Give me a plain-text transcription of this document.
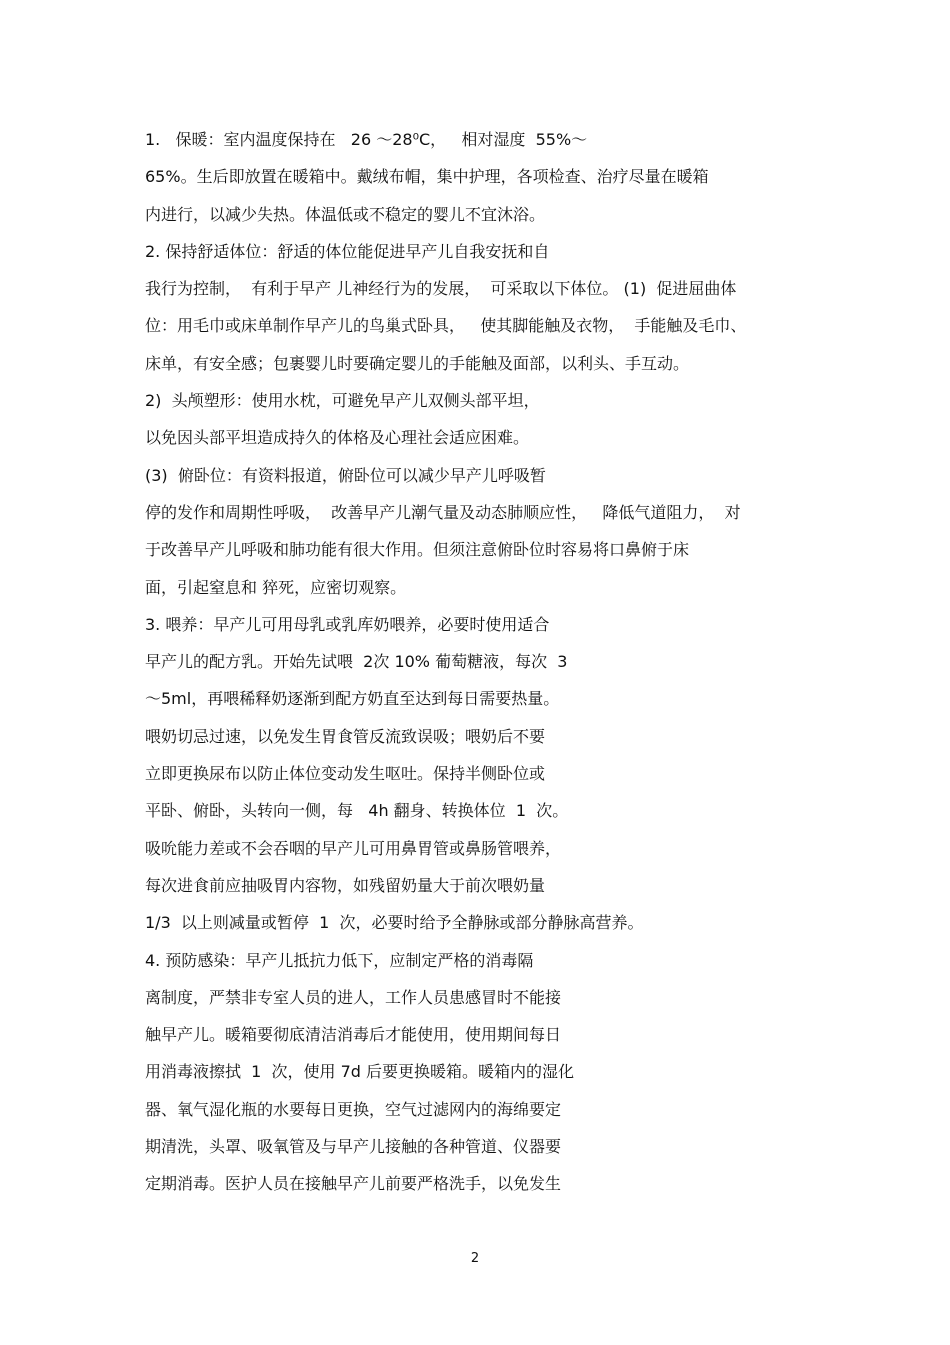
1.   保暖：室内温度保持在   26 ～28⁰C，   相对湿度  55%～
65%。生后即放置在暖箱中。戴绒布帽，集中护理，各项检查、治疗尽量在暖箱
内进行，以减少失热。体温低或不稳定的婴儿不宜沐浴。
2. 保持舒适体位：舒适的体位能促进早产儿自我安抚和自
我行为控制，  有利于早产 儿神经行为的发展，  可采取以下体位。 (1)  促进屈曲体
位：用毛巾或床单制作早产儿的鸟巢式卧具，   使其脚能触及衣物，  手能触及毛巾、
床单，有安全感；包裹婴儿时要确定婴儿的手能触及面部，以利头、手互动。
2)  头颅塑形：使用水枕，可避免早产儿双侧头部平坦，
以免因头部平坦造成持久的体格及心理社会适应困难。
(3)  俯卧位：有资料报道，俯卧位可以减少早产儿呼吸暂
停的发作和周期性呼吸，  改善早产儿潮气量及动态肺顺应性，   降低气道阻力，  对
于改善早产儿呼吸和肺功能有很大作用。但须注意俯卧位时容易将口鼻俯于床
面，引起窒息和 猝死，应密切观察。
3. 喂养：早产儿可用母乳或乳库奶喂养，必要时使用适合
早产儿的配方乳。开始先试喂  2次 10% 葡萄糖液，每次  3
～5ml，再喂稀释奶逐渐到配方奶直至达到每日需要热量。
喂奶切忌过速，以免发生胃食管反流致误吸；喂奶后不要
立即更换尿布以防止体位变动发生呕吐。保持半侧卧位或
平卧、俯卧，头转向一侧，每   4h 翻身、转换体位  1  次。
吸吮能力差或不会吞咽的早产儿可用鼻胃管或鼻肠管喂养，
每次进食前应抽吸胃内容物，如残留奶量大于前次喂奶量
1/3  以上则减量或暂停  1  次，必要时给予全静脉或部分静脉高营养。
4. 预防感染：早产儿抵抗力低下，应制定严格的消毒隔
离制度，严禁非专室人员的进人，工作人员患感冒时不能接
触早产儿。暖箱要彻底清洁消毒后才能使用，使用期间每日
用消毒液擦拭  1  次，使用 7d 后要更换暖箱。暖箱内的湿化
器、氧气湿化瓶的水要每日更换，空气过滤网内的海绵要定
期清洗，头罩、吸氧管及与早产儿接触的各种管道、仪器要
定期消毒。医护人员在接触早产儿前要严格洗手，以免发生
2
